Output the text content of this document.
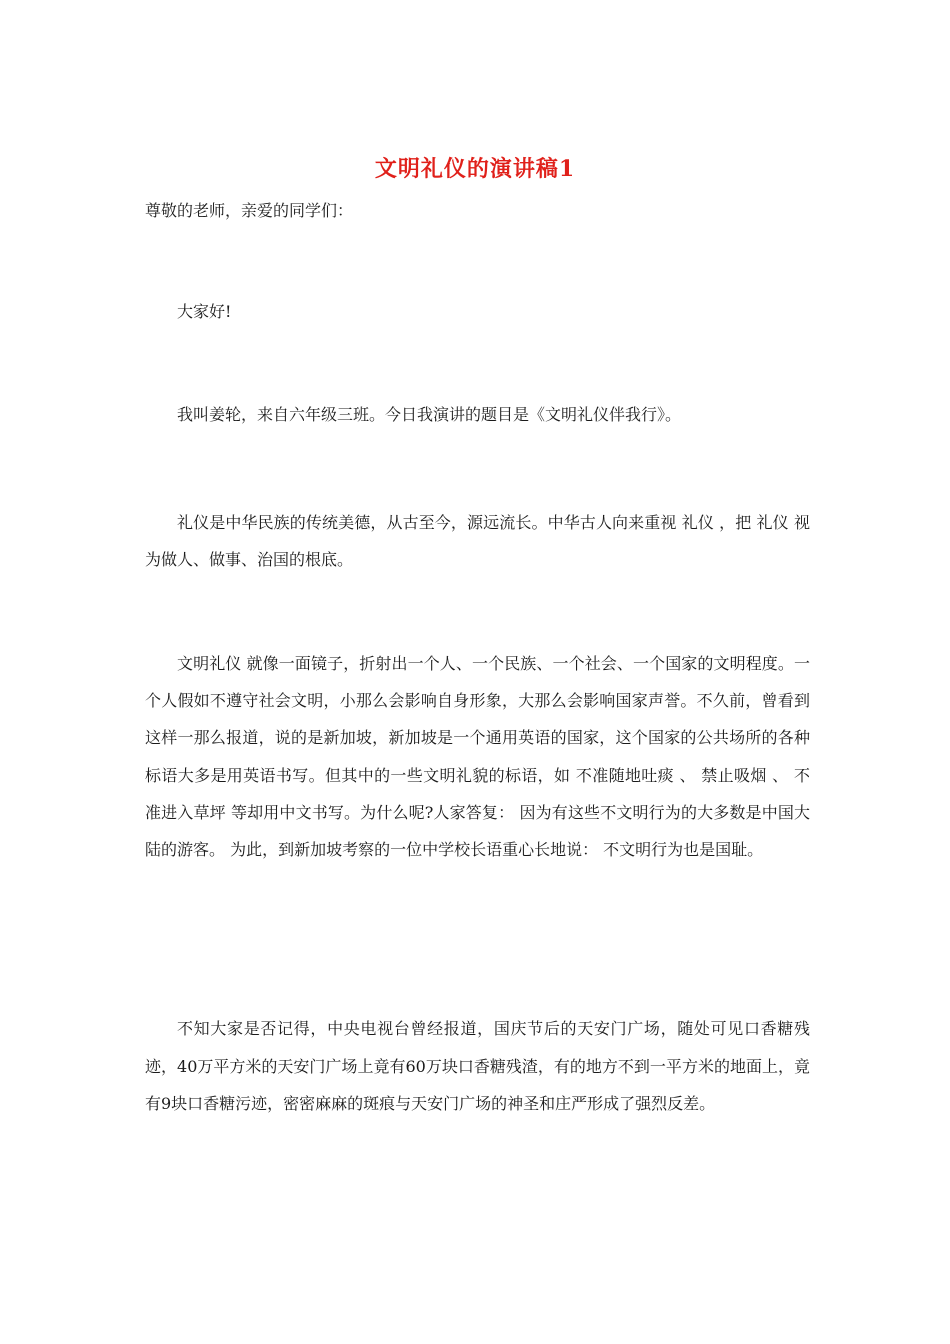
文明礼仪的演讲稿1
尊敬的老师，亲爱的同学们：

大家好!

我叫姜轮，来自六年级三班。今日我演讲的题目是《文明礼仪伴我行》。

礼仪是中华民族的传统美德，从古至今，源远流长。中华古人向来重视 礼仪 ，把 礼仪 视为做人、做事、治国的根底。

文明礼仪 就像一面镜子，折射出一个人、一个民族、一个社会、一个国家的文明程度。一个人假如不遵守社会文明，小那么会影响自身形象，大那么会影响国家声誉。不久前，曾看到这样一那么报道，说的是新加坡，新加坡是一个通用英语的国家，这个国家的公共场所的各种标语大多是用英语书写。但其中的一些文明礼貌的标语，如 不准随地吐痰 、 禁止吸烟 、 不准进入草坪 等却用中文书写。为什么呢?人家答复： 因为有这些不文明行为的大多数是中国大陆的游客。 为此，到新加坡考察的一位中学校长语重心长地说： 不文明行为也是国耻。

不知大家是否记得，中央电视台曾经报道，国庆节后的天安门广场，随处可见口香糖残迹，40万平方米的天安门广场上竟有60万块口香糖残渣，有的地方不到一平方米的地面上，竟有9块口香糖污迹，密密麻麻的斑痕与天安门广场的神圣和庄严形成了强烈反差。
